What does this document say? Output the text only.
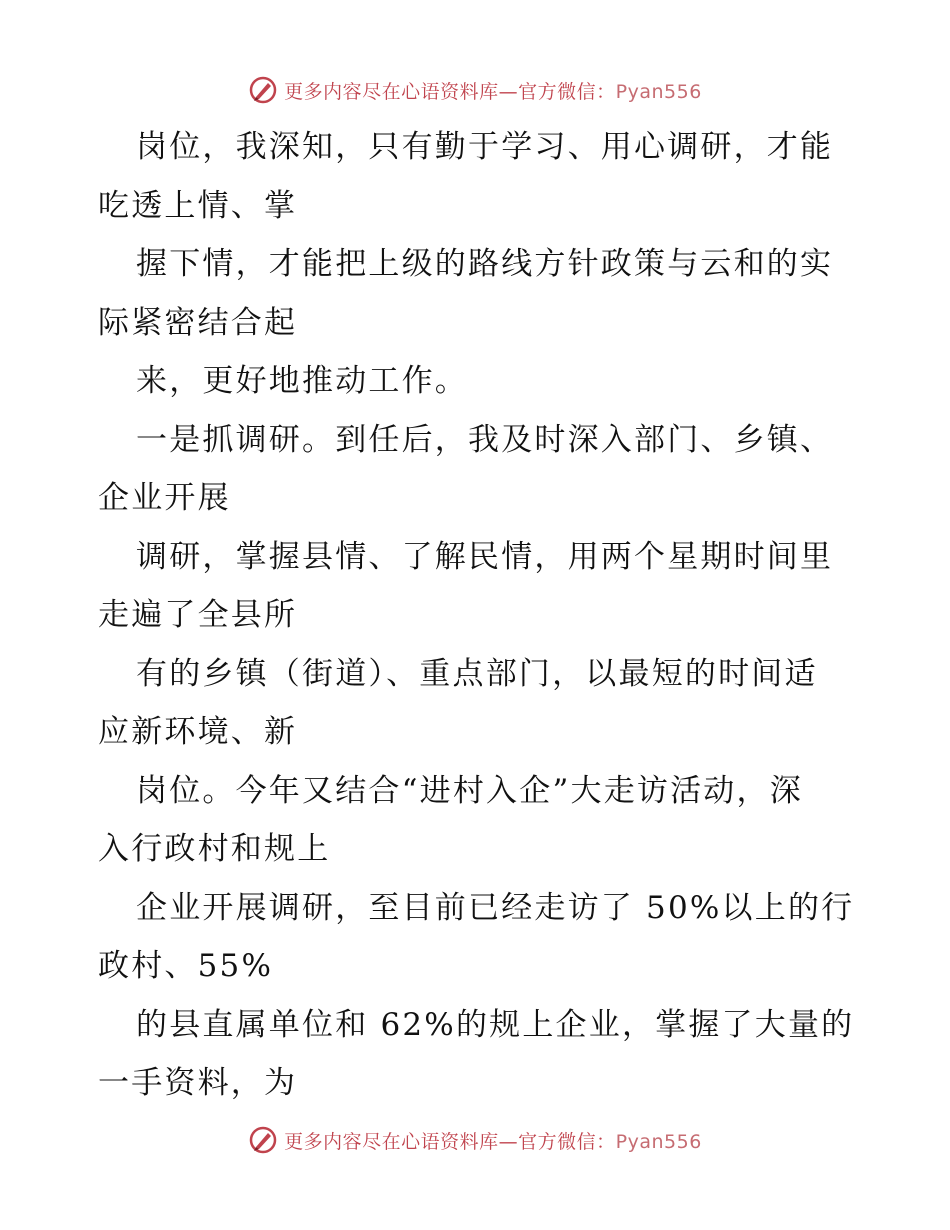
更多内容尽在心语资料库—官方微信：Pyan556

岗位，我深知，只有勤于学习、用心调研，才能
吃透上情、掌

握下情，才能把上级的路线方针政策与云和的实
际紧密结合起

来，更好地推动工作。

一是抓调研。到任后，我及时深入部门、乡镇、
企业开展

调研，掌握县情、了解民情，用两个星期时间里
走遍了全县所

有的乡镇（街道）、重点部门，以最短的时间适
应新环境、新

岗位。今年又结合“进村入企”大走访活动，深
入行政村和规上

企业开展调研，至目前已经走访了 50%以上的行
政村、55%

的县直属单位和 62%的规上企业，掌握了大量的
一手资料，为

更多内容尽在心语资料库—官方微信：Pyan556
